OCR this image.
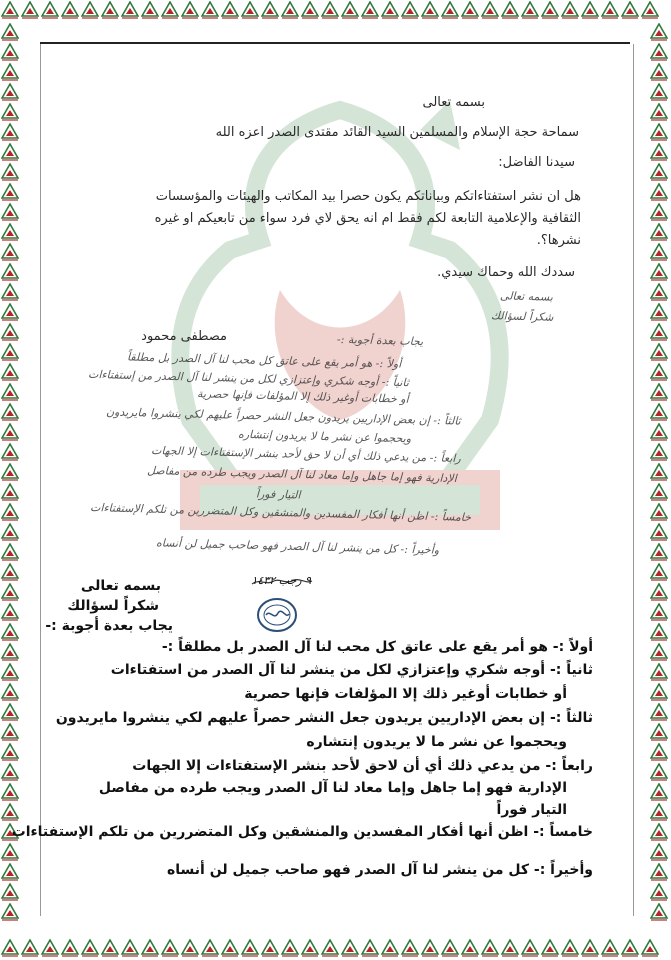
بسمه تعالى
سماحة حجة الإسلام والمسلمين السيد القائد مقتدى الصدر اعزه الله
سيدنا الفاضل:
هل ان نشر استفتاءاتكم وبياناتكم يكون حصرا بيد المكاتب والهيئات والمؤسسات
الثقافية والإعلامية التابعة لكم فقط ام انه يحق لاي فرد سواء من تابعيكم او غيره
نشرها؟.
سددك الله وحماك سيدي.
مصطفى محمود
بسمه تعالى
شكراً لسؤالك
يجاب بعدة أجوبة :-
أولاً :- هو أمر يقع على عاتق كل محب لنا آل الصدر بل مطلقاً
ثانياً :- أوجه شكري وإعتزازي لكل من ينشر لنا آل الصدر من إستفتاءات
أو خطابات أوغير ذلك إلا المؤلفات فإنها حصرية
ثالثاً :- إن بعض الإداريين يريدون جعل النشر حصراً عليهم لكي ينشروا مايريدون
ويحجموا عن نشر ما لا يريدون إنتشاره
رابعاً :- من يدعي ذلك أي أن لا حق لأحد بنشر الإستفتاءات إلا الجهات
الإدارية فهو إما جاهل وإما معاد لنا آل الصدر ويجب طرده من مفاصل
التيار فوراً
خامساً :- اظن أنها أفكار المفسدين والمنشقين وكل المتضررين من تلكم الإستفتاءات
وأخيراً :- كل من ينشر لنا آل الصدر فهو صاحب جميل لن أنساه
بسمه تعالى	٩ رجب ١٤٣٢
شكراً لسؤالك
يجاب بعدة أجوبة :-
أولاً :- هو أمر يقع على عاتق كل محب لنا آل الصدر بل مطلقاً :-
ثانياً :- أوجه شكري وإعتزازي لكل من ينشر لنا آل الصدر من استفتاءات
أو خطابات أوغير ذلك إلا المؤلفات فإنها حصرية
ثالثاً :- إن بعض الإداريين يريدون جعل النشر حصراً عليهم لكي ينشروا مايريدون
ويحجموا عن نشر ما لا يريدون إنتشاره
رابعاً :- من يدعي ذلك أي أن لاحق لأحد بنشر الإستفتاءات إلا الجهات
الإدارية فهو إما جاهل وإما معاد لنا آل الصدر ويجب طرده من مفاصل
التيار فوراً
خامساً :- اظن أنها أفكار المفسدين والمنشقين وكل المتضررين من تلكم الإستفتاءات
وأخيراً :- كل من ينشر لنا آل الصدر فهو صاحب جميل لن أنساه
